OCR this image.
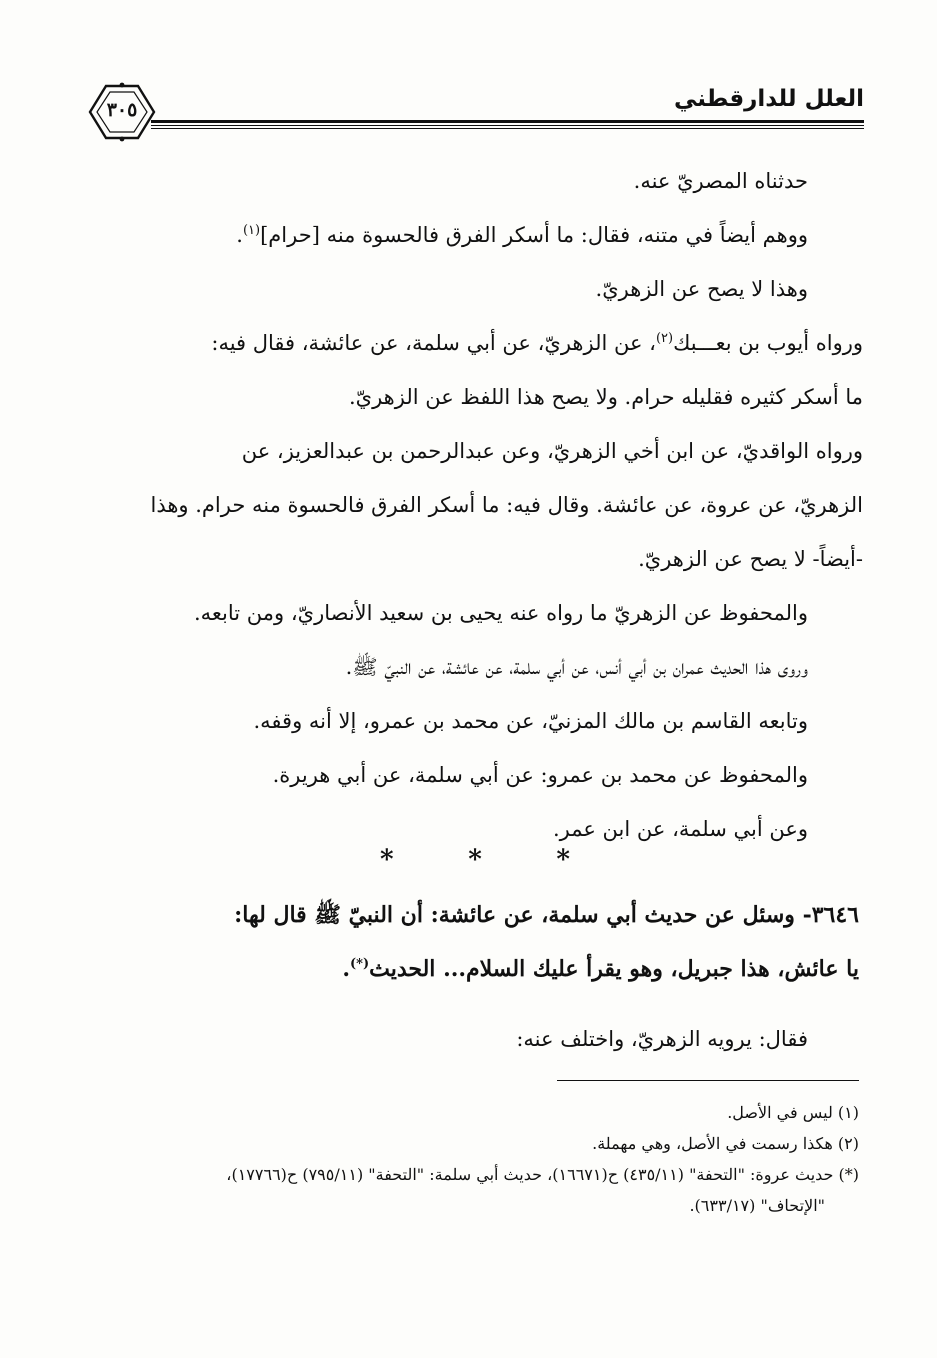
العلل للدارقطني
٣٠٥

حدثناه المصريّ عنه.

ووهم أيضاً في متنه، فقال: ما أسكر الفرق فالحسوة منه [حرام]$^{(١)}$.

وهذا لا يصح عن الزهريّ.

ورواه أيوب بن بعـــبك$^{(٢)}$، عن الزهريّ، عن أبي سلمة، عن عائشة، فقال فيه:

ما أسكر كثيره فقليله حرام. ولا يصح هذا اللفظ عن الزهريّ.

ورواه الواقديّ، عن ابن أخي الزهريّ، وعن عبدالرحمن بن عبدالعزيز، عن

الزهريّ، عن عروة، عن عائشة. وقال فيه: ما أسكر الفرق فالحسوة منه حرام. وهذا

-أيضاً- لا يصح عن الزهريّ.

والمحفوظ عن الزهريّ ما رواه عنه يحيى بن سعيد الأنصاريّ، ومن تابعه.

وروى هذا الحديث عمران بن أبي أنس، عن أبي سلمة، عن عائشة، عن النبيّ ﷺ.

وتابعه القاسم بن مالك المزنيّ، عن محمد بن عمرو، إلا أنه وقفه.

والمحفوظ عن محمد بن عمرو: عن أبي سلمة، عن أبي هريرة.

وعن أبي سلمة، عن ابن عمر.

*	*	*

٣٦٤٦- وسئل عن حديث أبي سلمة، عن عائشة: أن النبيّ ﷺ قال لها:

يا عائش، هذا جبريل، وهو يقرأ عليك السلام... الحديث(*).

فقال: يرويه الزهريّ، واختلف عنه:

(١) ليس في الأصل.

(٢) هكذا رسمت في الأصل، وهي مهملة.

(*) حديث عروة: "التحفة" (٤٣٥/١١) ح(١٦٦٧١)، حديث أبي سلمة: "التحفة" (٧٩٥/١١) ح(١٧٧٦٦)،

"الإتحاف" (٦٣٣/١٧).
